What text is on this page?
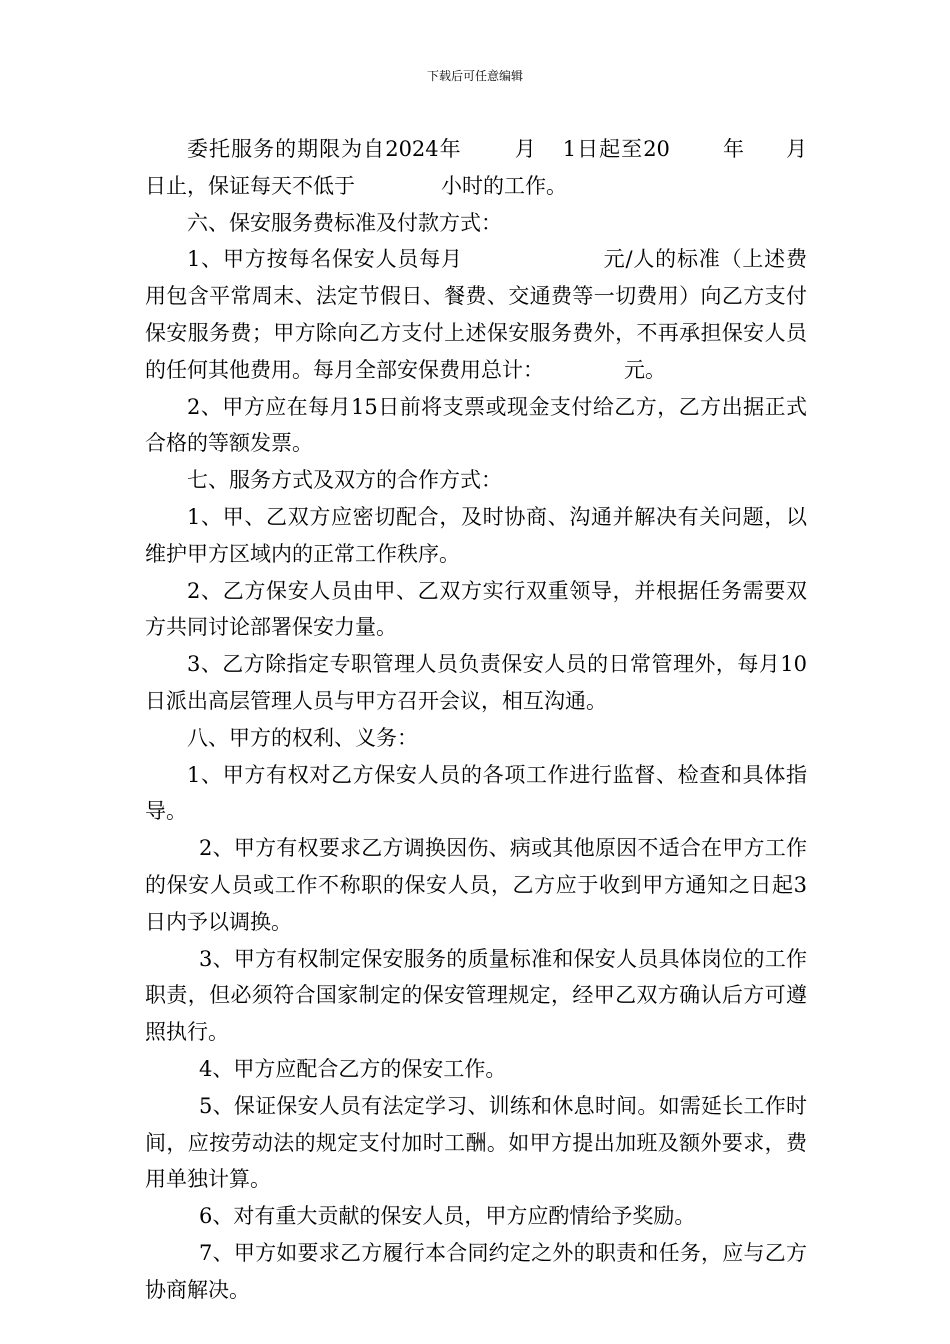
下载后可任意编辑

委托服务的期限为自2024年 月 1日起至20 年 月日止，保证每天不低于	小时的工作。

六、保安服务费标准及付款方式：

1、甲方按每名保安人员每月	元/人的标准（上述费用包含平常周末、法定节假日、餐费、交通费等一切费用）向乙方支付保安服务费；甲方除向乙方支付上述保安服务费外，不再承担保安人员的任何其他费用。每月全部安保费用总计：	元。

2、甲方应在每月15日前将支票或现金支付给乙方，乙方出据正式合格的等额发票。

七、服务方式及双方的合作方式：

1、甲、乙双方应密切配合，及时协商、沟通并解决有关问题，以维护甲方区域内的正常工作秩序。

2、乙方保安人员由甲、乙双方实行双重领导，并根据任务需要双方共同讨论部署保安力量。

3、乙方除指定专职管理人员负责保安人员的日常管理外，每月10日派出高层管理人员与甲方召开会议，相互沟通。

八、甲方的权利、义务：

1、甲方有权对乙方保安人员的各项工作进行监督、检查和具体指导。

2、甲方有权要求乙方调换因伤、病或其他原因不适合在甲方工作的保安人员或工作不称职的保安人员，乙方应于收到甲方通知之日起3日内予以调换。

3、甲方有权制定保安服务的质量标准和保安人员具体岗位的工作职责，但必须符合国家制定的保安管理规定，经甲乙双方确认后方可遵照执行。

4、甲方应配合乙方的保安工作。

5、保证保安人员有法定学习、训练和休息时间。如需延长工作时间，应按劳动法的规定支付加时工酬。如甲方提出加班及额外要求，费用单独计算。

6、对有重大贡献的保安人员，甲方应酌情给予奖励。

7、甲方如要求乙方履行本合同约定之外的职责和任务，应与乙方协商解决。
